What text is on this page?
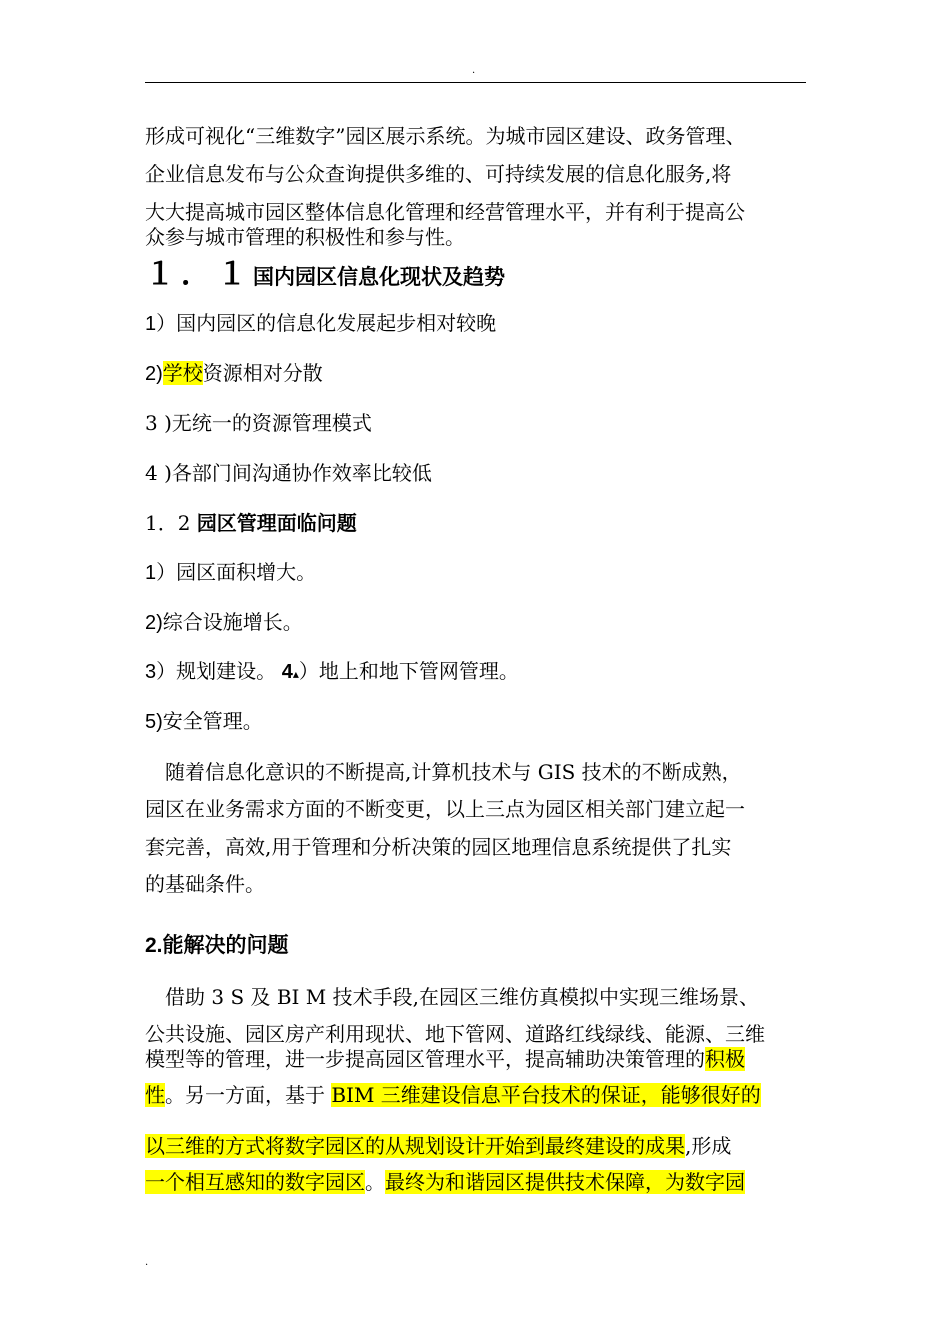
.
形成可视化“三维数字”园区展示系统。为城市园区建设、政务管理、
企业信息发布与公众查询提供多维的、可持续发展的信息化服务,将
大大提高城市园区整体信息化管理和经营管理水平，并有利于提高公
众参与城市管理的积极性和参与性。
１．１国内园区信息化现状及趋势
1）国内园区的信息化发展起步相对较晚
2)学校资源相对分散
3 )无统一的资源管理模式
4 )各部门间沟通协作效率比较低
1．2 园区管理面临问题
1）园区面积增大。
2)综合设施增长。
3）规划建设。 4▴）地上和地下管网管理。
5)安全管理。
　随着信息化意识的不断提高,计算机技术与 GIS 技术的不断成熟，
园区在业务需求方面的不断变更，以上三点为园区相关部门建立起一
套完善，高效,用于管理和分析决策的园区地理信息系统提供了扎实
的基础条件。
2.能解决的问题
　借助 3 S 及 BI M 技术手段,在园区三维仿真模拟中实现三维场景、
公共设施、园区房产利用现状、地下管网、道路红线绿线、能源、三维
模型等的管理，进一步提高园区管理水平，提高辅助决策管理的积极
性。另一方面，基于 BIM 三维建设信息平台技术的保证，能够很好的
以三维的方式将数字园区的从规划设计开始到最终建设的成果,形成
一个相互感知的数字园区。最终为和谐园区提供技术保障，为数字园
.
